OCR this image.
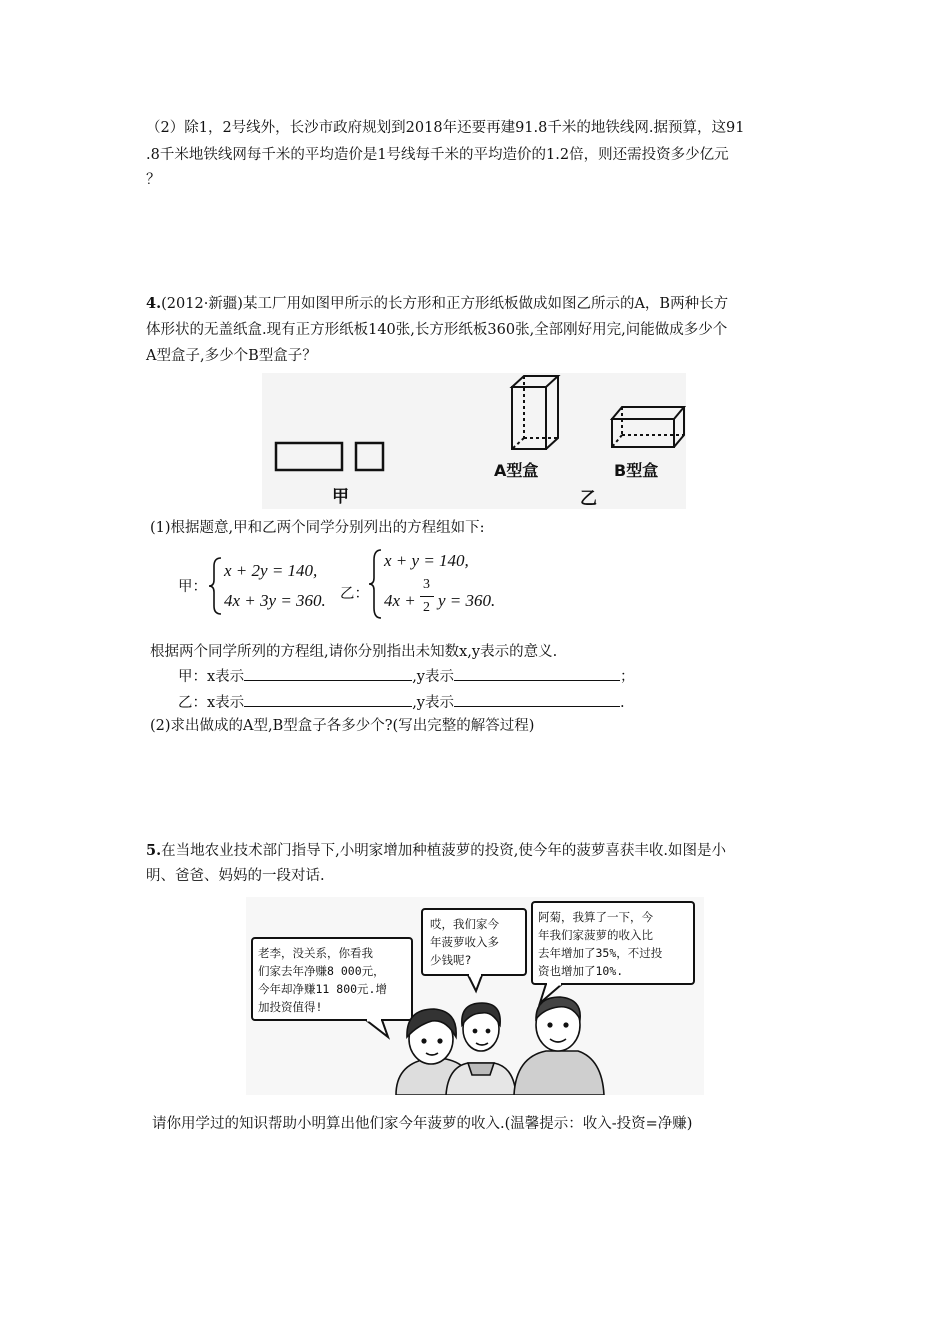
（2）除1，2号线外，长沙市政府规划到2018年还要再建91.8千米的地铁线网.据预算，这91
.8千米地铁线网每千米的平均造价是1号线每千米的平均造价的1.2倍，则还需投资多少亿元
？
4.(2012·新疆)某工厂用如图甲所示的长方形和正方形纸板做成如图乙所示的A，B两种长方
体形状的无盖纸盒.现有正方形纸板140张,长方形纸板360张,全部刚好用完,问能做成多少个
A型盒子,多少个B型盒子？
甲
A型盒	B型盒
乙
(1)根据题意,甲和乙两个同学分别列出的方程组如下:
甲：
x + 2y = 140,
4x + 3y = 360. 乙：
x + y = 140,
4x +
3
2 y = 360.
根据两个同学所列的方程组,请你分别指出未知数x,y表示的意义.
甲：x表示	,y表示	；
乙：x表示	,y表示	.
(2)求出做成的A型,B型盒子各多少个?(写出完整的解答过程)
5.在当地农业技术部门指导下,小明家增加种植菠萝的投资,使今年的菠萝喜获丰收.如图是小
明、爸爸、妈妈的一段对话.
老李，没关系，你看我
们家去年净赚8 000元，
今年却净赚11 800元.增
加投资值得!
哎，我们家今
年菠萝收入多
少钱呢?
阿菊，我算了一下，今
年我们家菠萝的收入比
去年增加了35%，不过投
资也增加了10%.
请你用学过的知识帮助小明算出他们家今年菠萝的收入.(温馨提示：收入-投资=净赚)
